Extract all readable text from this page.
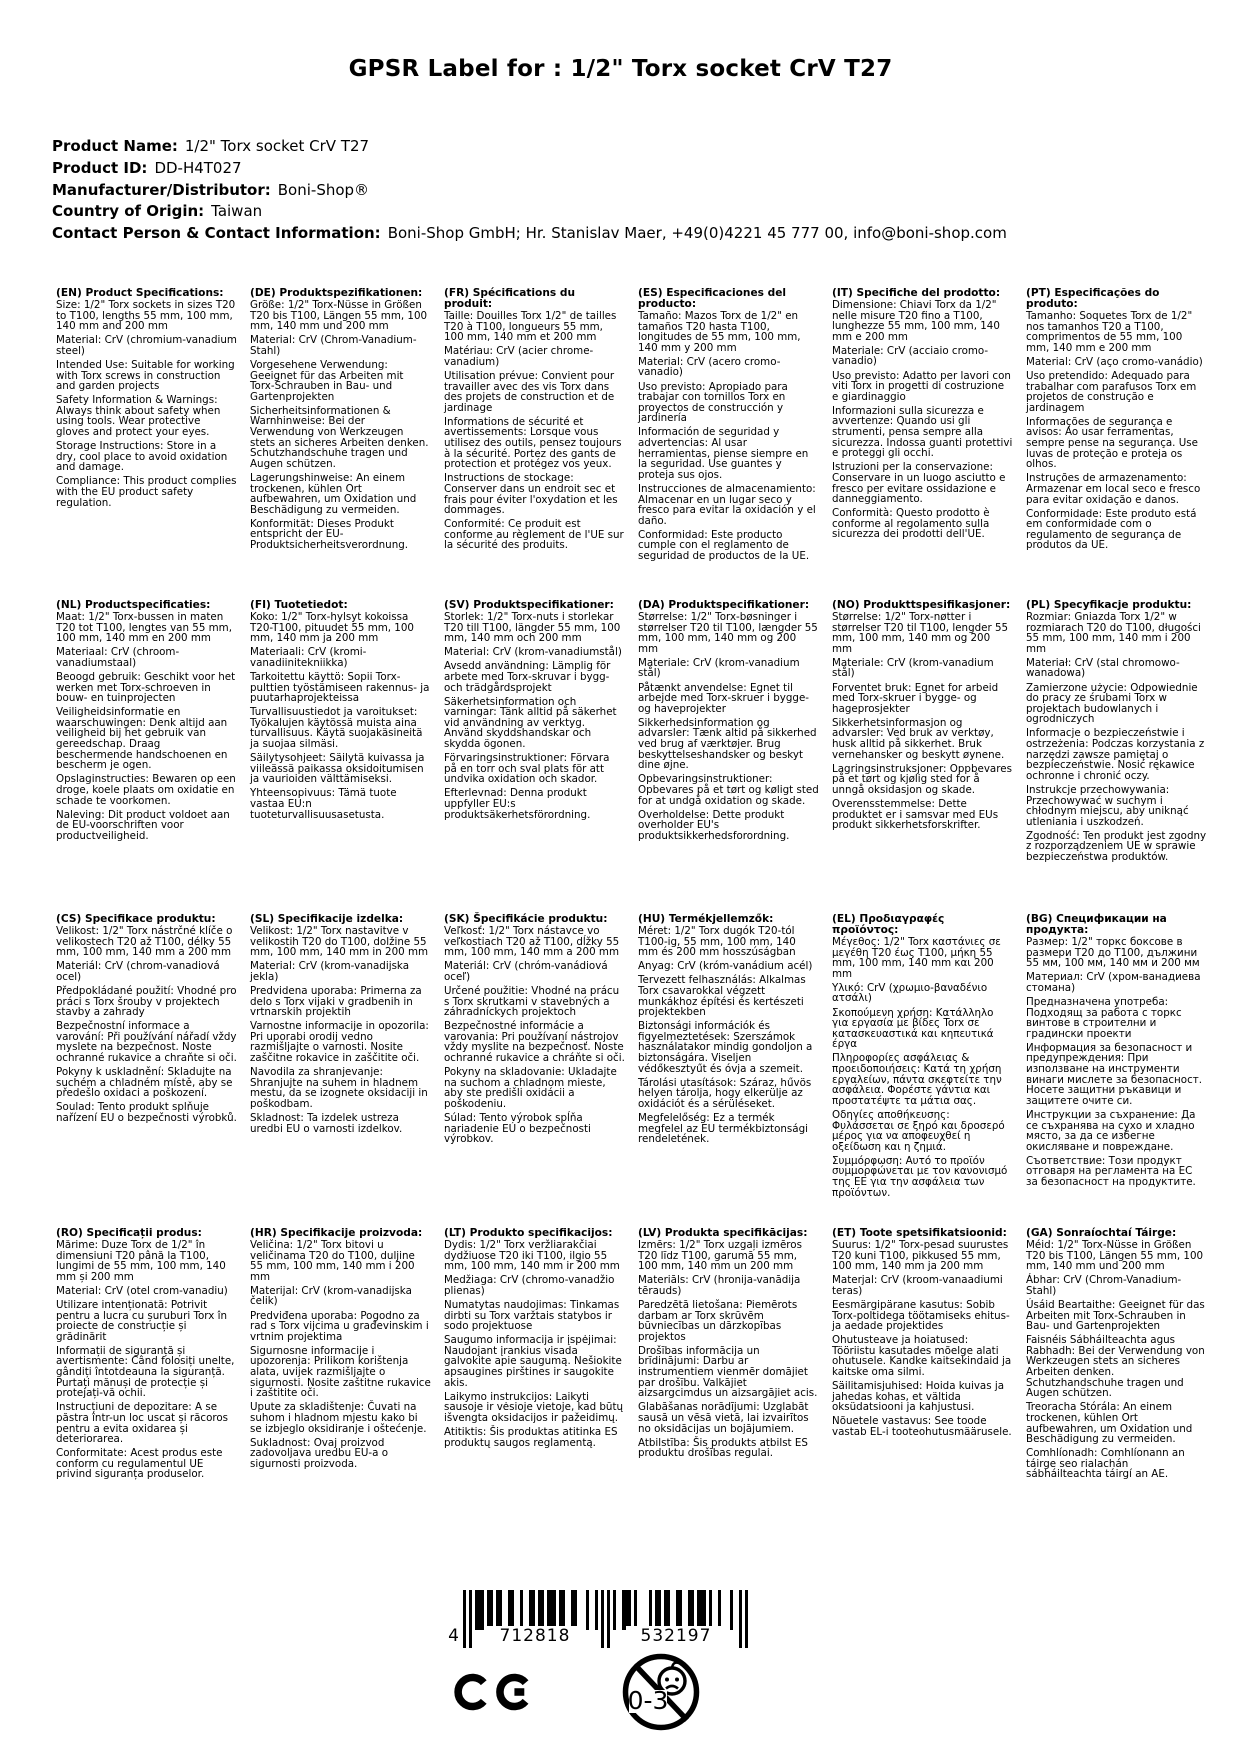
GPSR Label for : 1/2" Torx socket CrV T27
Product Name: 1/2" Torx socket CrV T27
Product ID: DD-H4T027
Manufacturer/Distributor: Boni-Shop®
Country of Origin: Taiwan
Contact Person & Contact Information: Boni-Shop GmbH; Hr. Stanislav Maer, +49(0)4221 45 777 00, info@boni-shop.com
(EN) Product Specifications:

Size: 1/2" Torx sockets in sizes T20 to T100, lengths 55 mm, 100 mm, 140 mm and 200 mm

Material: CrV (chromium-vanadium steel)

Intended Use: Suitable for working with Torx screws in construction and garden projects

Safety Information & Warnings: Always think about safety when using tools. Wear protective gloves and protect your eyes.

Storage Instructions: Store in a dry, cool place to avoid oxidation and damage.

Compliance: This product complies with the EU product safety regulation.

(DE) Produktspezifikationen:

Größe: 1/2" Torx-Nüsse in Größen T20 bis T100, Längen 55 mm, 100 mm, 140 mm und 200 mm

Material: CrV (Chrom-Vanadium-Stahl)

Vorgesehene Verwendung: Geeignet für das Arbeiten mit Torx-Schrauben in Bau- und Gartenprojekten

Sicherheitsinformationen & Warnhinweise: Bei der Verwendung von Werkzeugen stets an sicheres Arbeiten denken. Schutzhandschuhe tragen und Augen schützen.

Lagerungshinweise: An einem trockenen, kühlen Ort aufbewahren, um Oxidation und Beschädigung zu vermeiden.

Konformität: Dieses Produkt entspricht der EU-Produktsicherheitsverordnung.

(FR) Spécifications du produit:

Taille: Douilles Torx 1/2" de tailles T20 à T100, longueurs 55 mm, 100 mm, 140 mm et 200 mm

Matériau: CrV (acier chrome-vanadium)

Utilisation prévue: Convient pour travailler avec des vis Torx dans des projets de construction et de jardinage

Informations de sécurité et avertissements: Lorsque vous utilisez des outils, pensez toujours à la sécurité. Portez des gants de protection et protégez vos yeux.

Instructions de stockage: Conserver dans un endroit sec et frais pour éviter l'oxydation et les dommages.

Conformité: Ce produit est conforme au règlement de l'UE sur la sécurité des produits.

(ES) Especificaciones del producto:

Tamaño: Mazos Torx de 1/2" en tamaños T20 hasta T100, longitudes de 55 mm, 100 mm, 140 mm y 200 mm

Material: CrV (acero cromo-vanadio)

Uso previsto: Apropiado para trabajar con tornillos Torx en proyectos de construcción y jardinería

Información de seguridad y advertencias: Al usar herramientas, piense siempre en la seguridad. Use guantes y proteja sus ojos.

Instrucciones de almacenamiento: Almacenar en un lugar seco y fresco para evitar la oxidación y el daño.

Conformidad: Este producto cumple con el reglamento de seguridad de productos de la UE.

(IT) Specifiche del prodotto:

Dimensione: Chiavi Torx da 1/2" nelle misure T20 fino a T100, lunghezze 55 mm, 100 mm, 140 mm e 200 mm

Materiale: CrV (acciaio cromo-vanadio)

Uso previsto: Adatto per lavori con viti Torx in progetti di costruzione e giardinaggio

Informazioni sulla sicurezza e avvertenze: Quando usi gli strumenti, pensa sempre alla sicurezza. Indossa guanti protettivi e proteggi gli occhi.

Istruzioni per la conservazione: Conservare in un luogo asciutto e fresco per evitare ossidazione e danneggiamento.

Conformità: Questo prodotto è conforme al regolamento sulla sicurezza dei prodotti dell'UE.

(PT) Especificações do produto:

Tamanho: Soquetes Torx de 1/2" nos tamanhos T20 a T100, comprimentos de 55 mm, 100 mm, 140 mm e 200 mm

Material: CrV (aço cromo-vanádio)

Uso pretendido: Adequado para trabalhar com parafusos Torx em projetos de construção e jardinagem

Informações de segurança e avisos: Ao usar ferramentas, sempre pense na segurança. Use luvas de proteção e proteja os olhos.

Instruções de armazenamento: Armazenar em local seco e fresco para evitar oxidação e danos.

Conformidade: Este produto está em conformidade com o regulamento de segurança de produtos da UE.

(NL) Productspecificaties:

Maat: 1/2" Torx-bussen in maten T20 tot T100, lengtes van 55 mm, 100 mm, 140 mm en 200 mm

Materiaal: CrV (chroom-vanadiumstaal)

Beoogd gebruik: Geschikt voor het werken met Torx-schroeven in bouw- en tuinprojecten

Veiligheidsinformatie en waarschuwingen: Denk altijd aan veiligheid bij het gebruik van gereedschap. Draag beschermende handschoenen en bescherm je ogen.

Opslaginstructies: Bewaren op een droge, koele plaats om oxidatie en schade te voorkomen.

Naleving: Dit product voldoet aan de EU-voorschriften voor productveiligheid.

(FI) Tuotetiedot:

Koko: 1/2" Torx-hylsyt kokoissa T20-T100, pituudet 55 mm, 100 mm, 140 mm ja 200 mm

Materiaali: CrV (kromi-vanadiinitekniikka)

Tarkoitettu käyttö: Sopii Torx-pulttien työstämiseen rakennus- ja puutarhaprojekteissa

Turvallisuustiedot ja varoitukset: Työkalujen käytössä muista aina turvallisuus. Käytä suojakäsineitä ja suojaa silmäsi.

Säilytysohjeet: Säilytä kuivassa ja viileässä paikassa oksidoitumisen ja vaurioiden välttämiseksi.

Yhteensopivuus: Tämä tuote vastaa EU:n tuoteturvallisuusasetusta.

(SV) Produktspecifikationer:

Storlek: 1/2" Torx-nuts i storlekar T20 till T100, längder 55 mm, 100 mm, 140 mm och 200 mm

Material: CrV (krom-vanadiumstål)

Avsedd användning: Lämplig för arbete med Torx-skruvar i bygg- och trädgårdsprojekt

Säkerhetsinformation och varningar: Tänk alltid på säkerhet vid användning av verktyg. Använd skyddshandskar och skydda ögonen.

Förvaringsinstruktioner: Förvara på en torr och sval plats för att undvika oxidation och skador.

Efterlevnad: Denna produkt uppfyller EU:s produktsäkerhetsförordning.

(DA) Produktspecifikationer:

Størrelse: 1/2" Torx-bøsninger i størrelser T20 til T100, længder 55 mm, 100 mm, 140 mm og 200 mm

Materiale: CrV (krom-vanadium stål)

Påtænkt anvendelse: Egnet til arbejde med Torx-skruer i bygge- og haveprojekter

Sikkerhedsinformation og advarsler: Tænk altid på sikkerhed ved brug af værktøjer. Brug beskyttelseshandsker og beskyt dine øjne.

Opbevaringsinstruktioner: Opbevares på et tørt og køligt sted for at undgå oxidation og skade.

Overholdelse: Dette produkt overholder EU's produktsikkerhedsforordning.

(NO) Produkttspesifikasjoner:

Størrelse: 1/2" Torx-nøtter i størrelser T20 til T100, lengder 55 mm, 100 mm, 140 mm og 200 mm

Materiale: CrV (krom-vanadium stål)

Forventet bruk: Egnet for arbeid med Torx-skruer i bygge- og hageprosjekter

Sikkerhetsinformasjon og advarsler: Ved bruk av verktøy, husk alltid på sikkerhet. Bruk vernehansker og beskytt øynene.

Lagringsinstruksjoner: Oppbevares på et tørt og kjølig sted for å unngå oksidasjon og skade.

Overensstemmelse: Dette produktet er i samsvar med EUs produkt sikkerhetsforskrifter.

(PL) Specyfikacje produktu:

Rozmiar: Gniazda Torx 1/2" w rozmiarach T20 do T100, długości 55 mm, 100 mm, 140 mm i 200 mm

Materiał: CrV (stal chromowo-wanadowa)

Zamierzone użycie: Odpowiednie do pracy ze śrubami Torx w projektach budowlanych i ogrodniczych

Informacje o bezpieczeństwie i ostrzeżenia: Podczas korzystania z narzędzi zawsze pamiętaj o bezpieczeństwie. Nosić rękawice ochronne i chronić oczy.

Instrukcje przechowywania: Przechowywać w suchym i chłodnym miejscu, aby uniknąć utleniania i uszkodzeń.

Zgodność: Ten produkt jest zgodny z rozporządzeniem UE w sprawie bezpieczeństwa produktów.

(CS) Specifikace produktu:

Velikost: 1/2" Torx nástrčné klíče o velikostech T20 až T100, délky 55 mm, 100 mm, 140 mm a 200 mm

Materiál: CrV (chrom-vanadiová ocel)

Předpokládané použití: Vhodné pro práci s Torx šrouby v projektech stavby a zahrady

Bezpečnostní informace a varování: Při používání nářadí vždy myslete na bezpečnost. Noste ochranné rukavice a chraňte si oči.

Pokyny k uskladnění: Skladujte na suchém a chladném místě, aby se předešlo oxidaci a poškození.

Soulad: Tento produkt splňuje nařízení EU o bezpečnosti výrobků.

(SL) Specifikacije izdelka:

Velikost: 1/2" Torx nastavitve v velikostih T20 do T100, dolžine 55 mm, 100 mm, 140 mm in 200 mm

Material: CrV (krom-vanadijska jekla)

Predvidena uporaba: Primerna za delo s Torx vijaki v gradbenih in vrtnarskih projektih

Varnostne informacije in opozorila: Pri uporabi orodij vedno razmišljajte o varnosti. Nosite zaščitne rokavice in zaščitite oči.

Navodila za shranjevanje: Shranjujte na suhem in hladnem mestu, da se izognete oksidaciji in poškodbam.

Skladnost: Ta izdelek ustreza uredbi EU o varnosti izdelkov.

(SK) Špecifikácie produktu:

Veľkosť: 1/2" Torx nástavce vo veľkostiach T20 až T100, dĺžky 55 mm, 100 mm, 140 mm a 200 mm

Materiál: CrV (chróm-vanádiová oceľ)

Určené použitie: Vhodné na prácu s Torx skrutkami v stavebných a záhradníckych projektoch

Bezpečnostné informácie a varovania: Pri používaní nástrojov vždy myslite na bezpečnosť. Noste ochranné rukavice a chráňte si oči.

Pokyny na skladovanie: Ukladajte na suchom a chladnom mieste, aby ste predišli oxidácii a poškodeniu.

Súlad: Tento výrobok spĺňa nariadenie EÚ o bezpečnosti výrobkov.

(HU) Termékjellemzők:

Méret: 1/2" Torx dugók T20-tól T100-ig, 55 mm, 100 mm, 140 mm és 200 mm hosszúságban

Anyag: CrV (króm-vanádium acél)

Tervezett felhasználás: Alkalmas Torx csavarokkal végzett munkákhoz építési és kertészeti projektekben

Biztonsági információk és figyelmeztetések: Szerszámok használatakor mindig gondoljon a biztonságára. Viseljen védőkesztyűt és óvja a szemeit.

Tárolási utasítások: Száraz, hűvös helyen tárolja, hogy elkerülje az oxidációt és a sérüléseket.

Megfelelőség: Ez a termék megfelel az EU termékbiztonsági rendeletének.

(EL) Προδιαγραφές προϊόντος:

Μέγεθος: 1/2" Torx καστάνιες σε μεγέθη T20 έως T100, μήκη 55 mm, 100 mm, 140 mm και 200 mm

Υλικό: CrV (χρωμιο-βαναδένιο ατσάλι)

Σκοπούμενη χρήση: Κατάλληλο για εργασία με βίδες Torx σε κατασκευαστικά και κηπευτικά έργα

Πληροφορίες ασφάλειας & προειδοποιήσεις: Κατά τη χρήση εργαλείων, πάντα σκεφτείτε την ασφάλεια. Φορέστε γάντια και προστατέψτε τα μάτια σας.

Οδηγίες αποθήκευσης: Φυλάσσεται σε ξηρό και δροσερό μέρος για να αποφευχθεί η οξείδωση και η ζημιά.

Συμμόρφωση: Αυτό το προϊόν συμμορφώνεται με τον κανονισμό της ΕΕ για την ασφάλεια των προϊόντων.

(BG) Спецификации на продукта:

Размер: 1/2" торкс боксове в размери T20 до T100, дължини 55 мм, 100 мм, 140 мм и 200 мм

Материал: CrV (хром-ванадиева стомана)

Предназначена употреба: Подходящ за работа с торкс винтове в строителни и градински проекти

Информация за безопасност и предупреждения: При използване на инструменти винаги мислете за безопасност. Носете защитни ръкавици и защитете очите си.

Инструкции за съхранение: Да се съхранява на сухо и хладно място, за да се избегне окисляване и повреждане.

Съответствие: Този продукт отговаря на регламента на ЕС за безопасност на продуктите.

(RO) Specificații produs:

Mărime: Duze Torx de 1/2" în dimensiuni T20 până la T100, lungimi de 55 mm, 100 mm, 140 mm și 200 mm

Material: CrV (otel crom-vanadiu)

Utilizare intenționată: Potrivit pentru a lucra cu șuruburi Torx în proiecte de construcție și grădinărit

Informații de siguranță și avertismente: Când folosiți unelte, gândiți întotdeauna la siguranță. Purtați mănuși de protecție și protejați-vă ochii.

Instrucțiuni de depozitare: A se păstra într-un loc uscat și răcoros pentru a evita oxidarea și deteriorarea.

Conformitate: Acest produs este conform cu regulamentul UE privind siguranța produselor.

(HR) Specifikacije proizvoda:

Veličina: 1/2" Torx bitovi u veličinama T20 do T100, duljine 55 mm, 100 mm, 140 mm i 200 mm

Materijal: CrV (krom-vanadijska čelik)

Predviđena uporaba: Pogodno za rad s Torx vijcima u građevinskim i vrtnim projektima

Sigurnosne informacije i upozorenja: Prilikom korištenja alata, uvijek razmišljajte o sigurnosti. Nosite zaštitne rukavice i zaštitite oči.

Upute za skladištenje: Čuvati na suhom i hladnom mjestu kako bi se izbjeglo oksidiranje i oštećenje.

Sukladnost: Ovaj proizvod zadovoljava uredbu EU-a o sigurnosti proizvoda.

(LT) Produkto specifikacijos:

Dydis: 1/2" Torx veržliarakčiai dydžiuose T20 iki T100, ilgio 55 mm, 100 mm, 140 mm ir 200 mm

Medžiaga: CrV (chromo-vanadžio plienas)

Numatytas naudojimas: Tinkamas dirbti su Torx varžtais statybos ir sodo projektuose

Saugumo informacija ir įspėjimai: Naudojant įrankius visada galvokite apie saugumą. Nešiokite apsaugines pirštines ir saugokite akis.

Laikymo instrukcijos: Laikyti sausoje ir vėsioje vietoje, kad būtų išvengta oksidacijos ir pažeidimų.

Atitiktis: Šis produktas atitinka ES produktų saugos reglamentą.

(LV) Produkta specifikācijas:

Izmērs: 1/2" Torx uzgaļi izmēros T20 līdz T100, garumā 55 mm, 100 mm, 140 mm un 200 mm

Materiāls: CrV (hronija-vanādija tērauds)

Paredzētā lietošana: Piemērots darbam ar Torx skrūvēm būvniecības un dārzkopības projektos

Drošības informācija un brīdinājumi: Darbu ar instrumentiem vienmēr domājiet par drošību. Valkājiet aizsargcimdus un aizsargājiet acis.

Glabāšanas norādījumi: Uzglabāt sausā un vēsā vietā, lai izvairītos no oksidācijas un bojājumiem.

Atbilstība: Šis produkts atbilst ES produktu drošības regulai.

(ET) Toote spetsifikatsioonid:

Suurus: 1/2" Torx-pesad suurustes T20 kuni T100, pikkused 55 mm, 100 mm, 140 mm ja 200 mm

Materjal: CrV (kroom-vanaadiumi teras)

Eesmärgipärane kasutus: Sobib Torx-poltidega töötamiseks ehitus- ja aedade projektides

Ohutusteave ja hoiatused: Tööriistu kasutades mõelge alati ohutusele. Kandke kaitsekindaid ja kaitske oma silmi.

Säilitamisjuhised: Hoida kuivas ja jahedas kohas, et vältida oksüdatsiooni ja kahjustusi.

Nõuetele vastavus: See toode vastab EL-i tooteohutusmäärusele.

(GA) Sonraíochtaí Táirge:

Méid: 1/2" Torx-Nüsse in Größen T20 bis T100, Längen 55 mm, 100 mm, 140 mm und 200 mm

Ábhar: CrV (Chrom-Vanadium-Stahl)

Úsáid Beartaithe: Geeignet für das Arbeiten mit Torx-Schrauben in Bau- und Gartenprojekten

Faisnéis Sábháilteachta agus Rabhadh: Bei der Verwendung von Werkzeugen stets an sicheres Arbeiten denken. Schutzhandschuhe tragen und Augen schützen.

Treoracha Stórála: An einem trockenen, kühlen Ort aufbewahren, um Oxidation und Beschädigung zu vermeiden.

Comhlíonadh: Comhlíonann an táirge seo rialachán sábháilteachta táirgí an AE.

4	712818	532197
0-3
